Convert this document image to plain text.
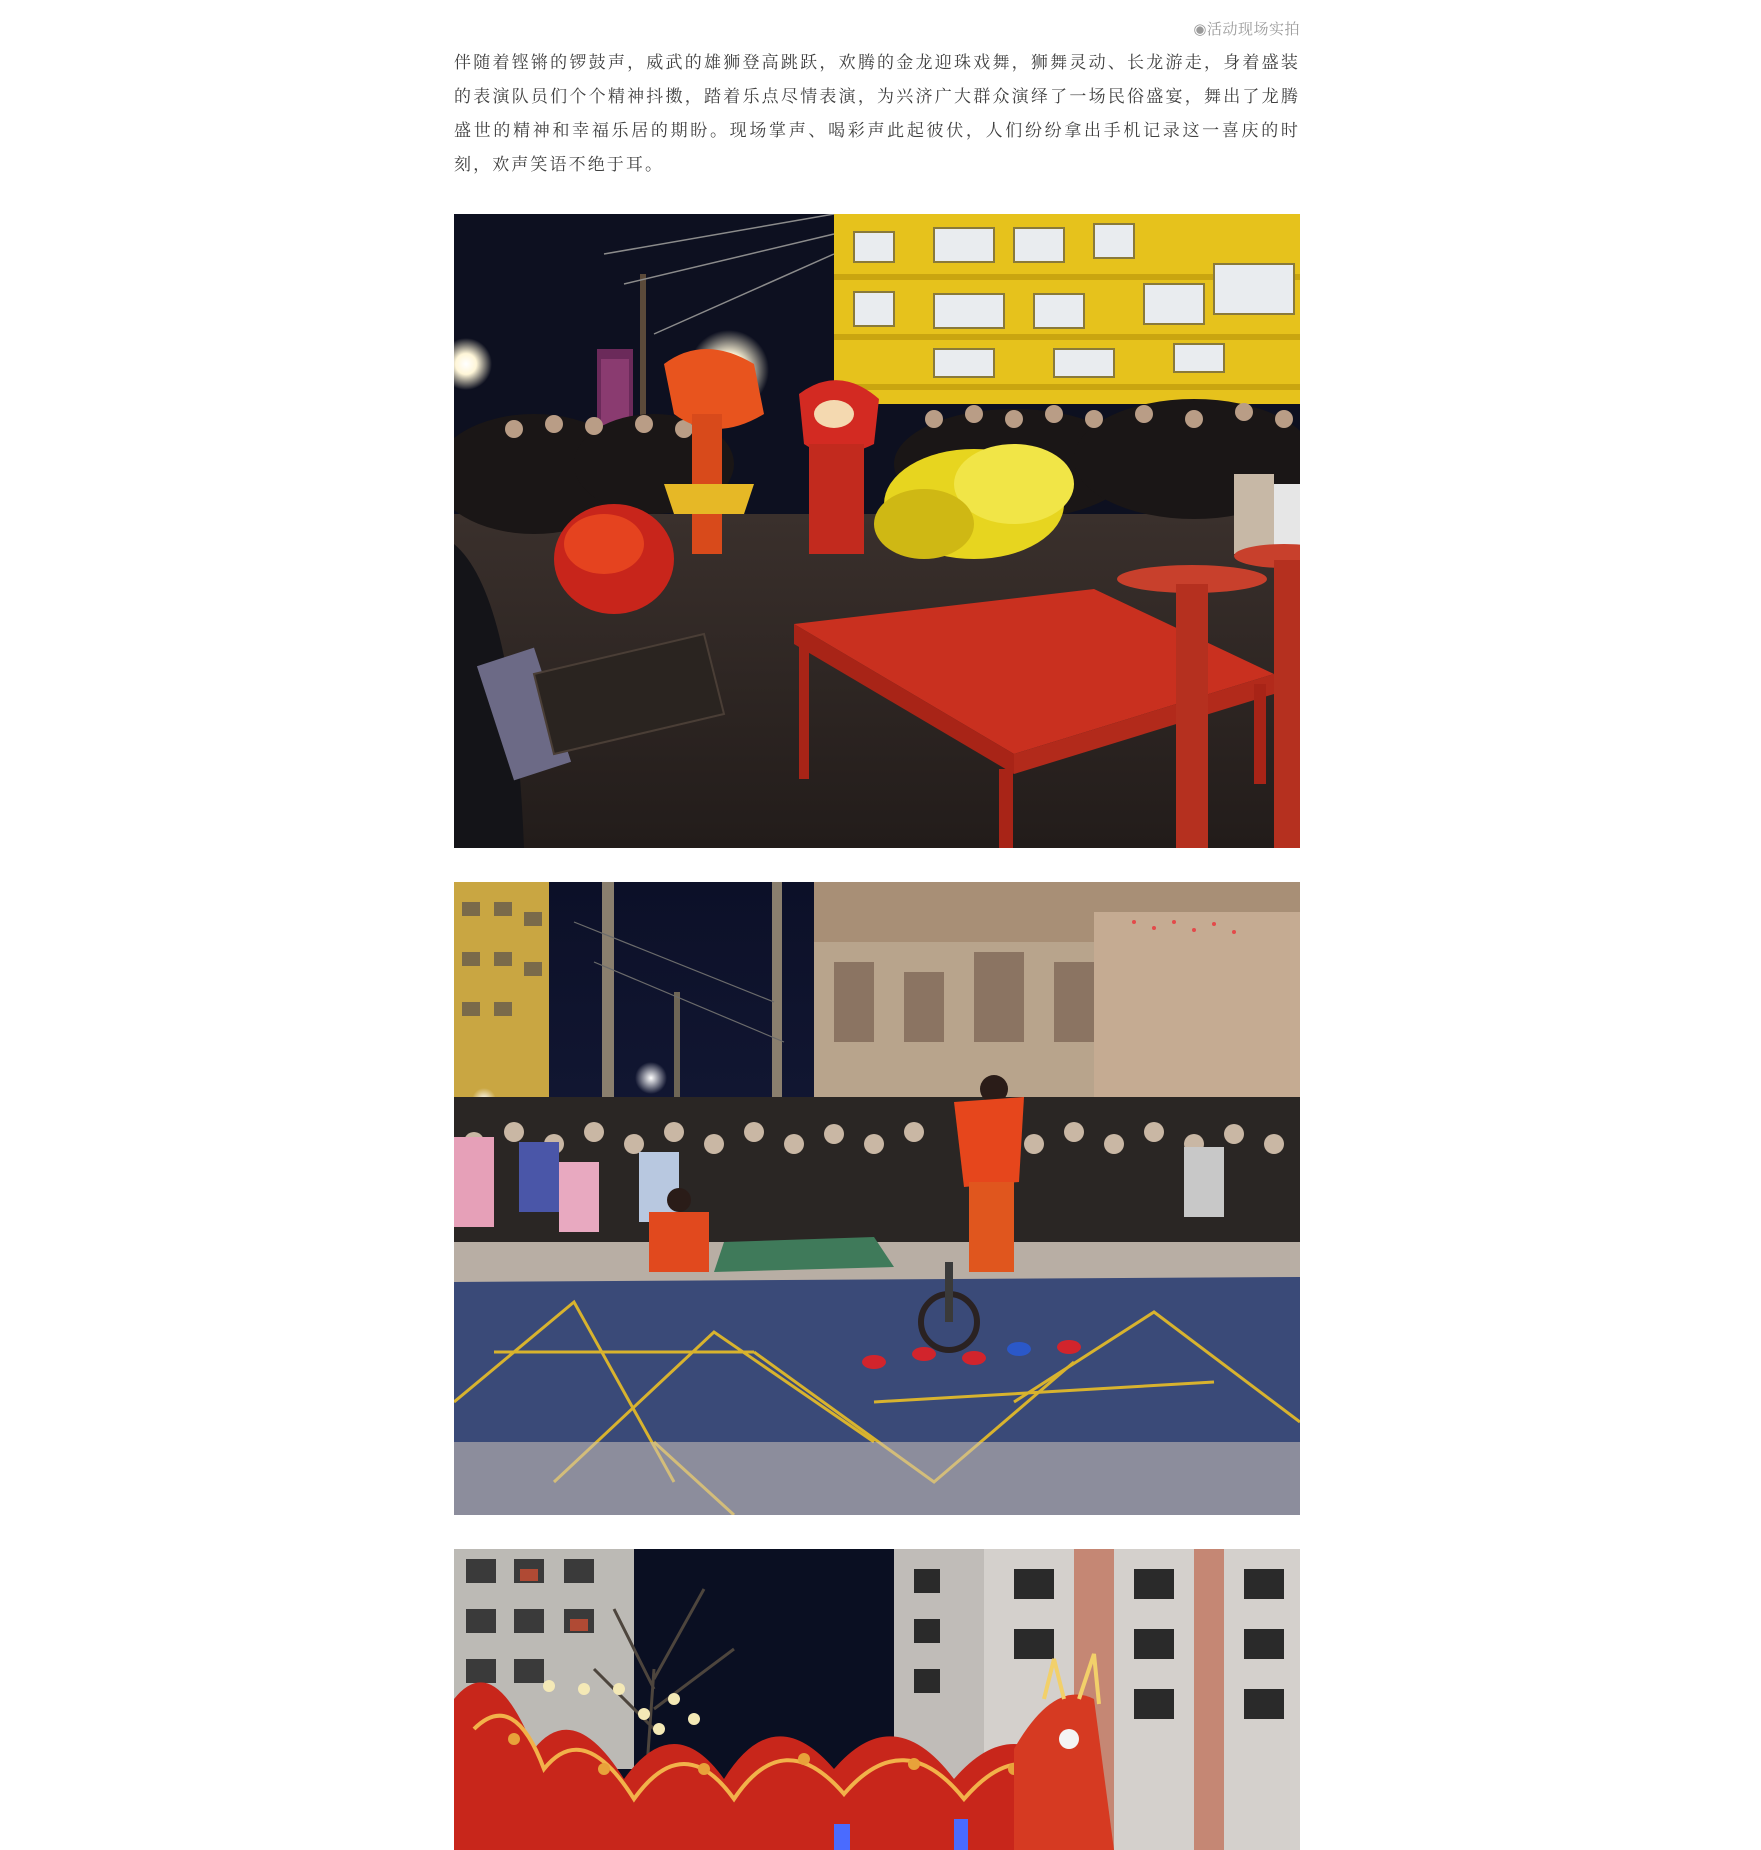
◉活动现场实拍

伴随着铿锵的锣鼓声，威武的雄狮登高跳跃，欢腾的金龙迎珠戏舞，狮舞灵动、长龙游走，身着盛装的表演队员们个个精神抖擞，踏着乐点尽情表演，为兴济广大群众演绎了一场民俗盛宴，舞出了龙腾盛世的精神和幸福乐居的期盼。现场掌声、喝彩声此起彼伏，人们纷纷拿出手机记录这一喜庆的时刻，欢声笑语不绝于耳。
